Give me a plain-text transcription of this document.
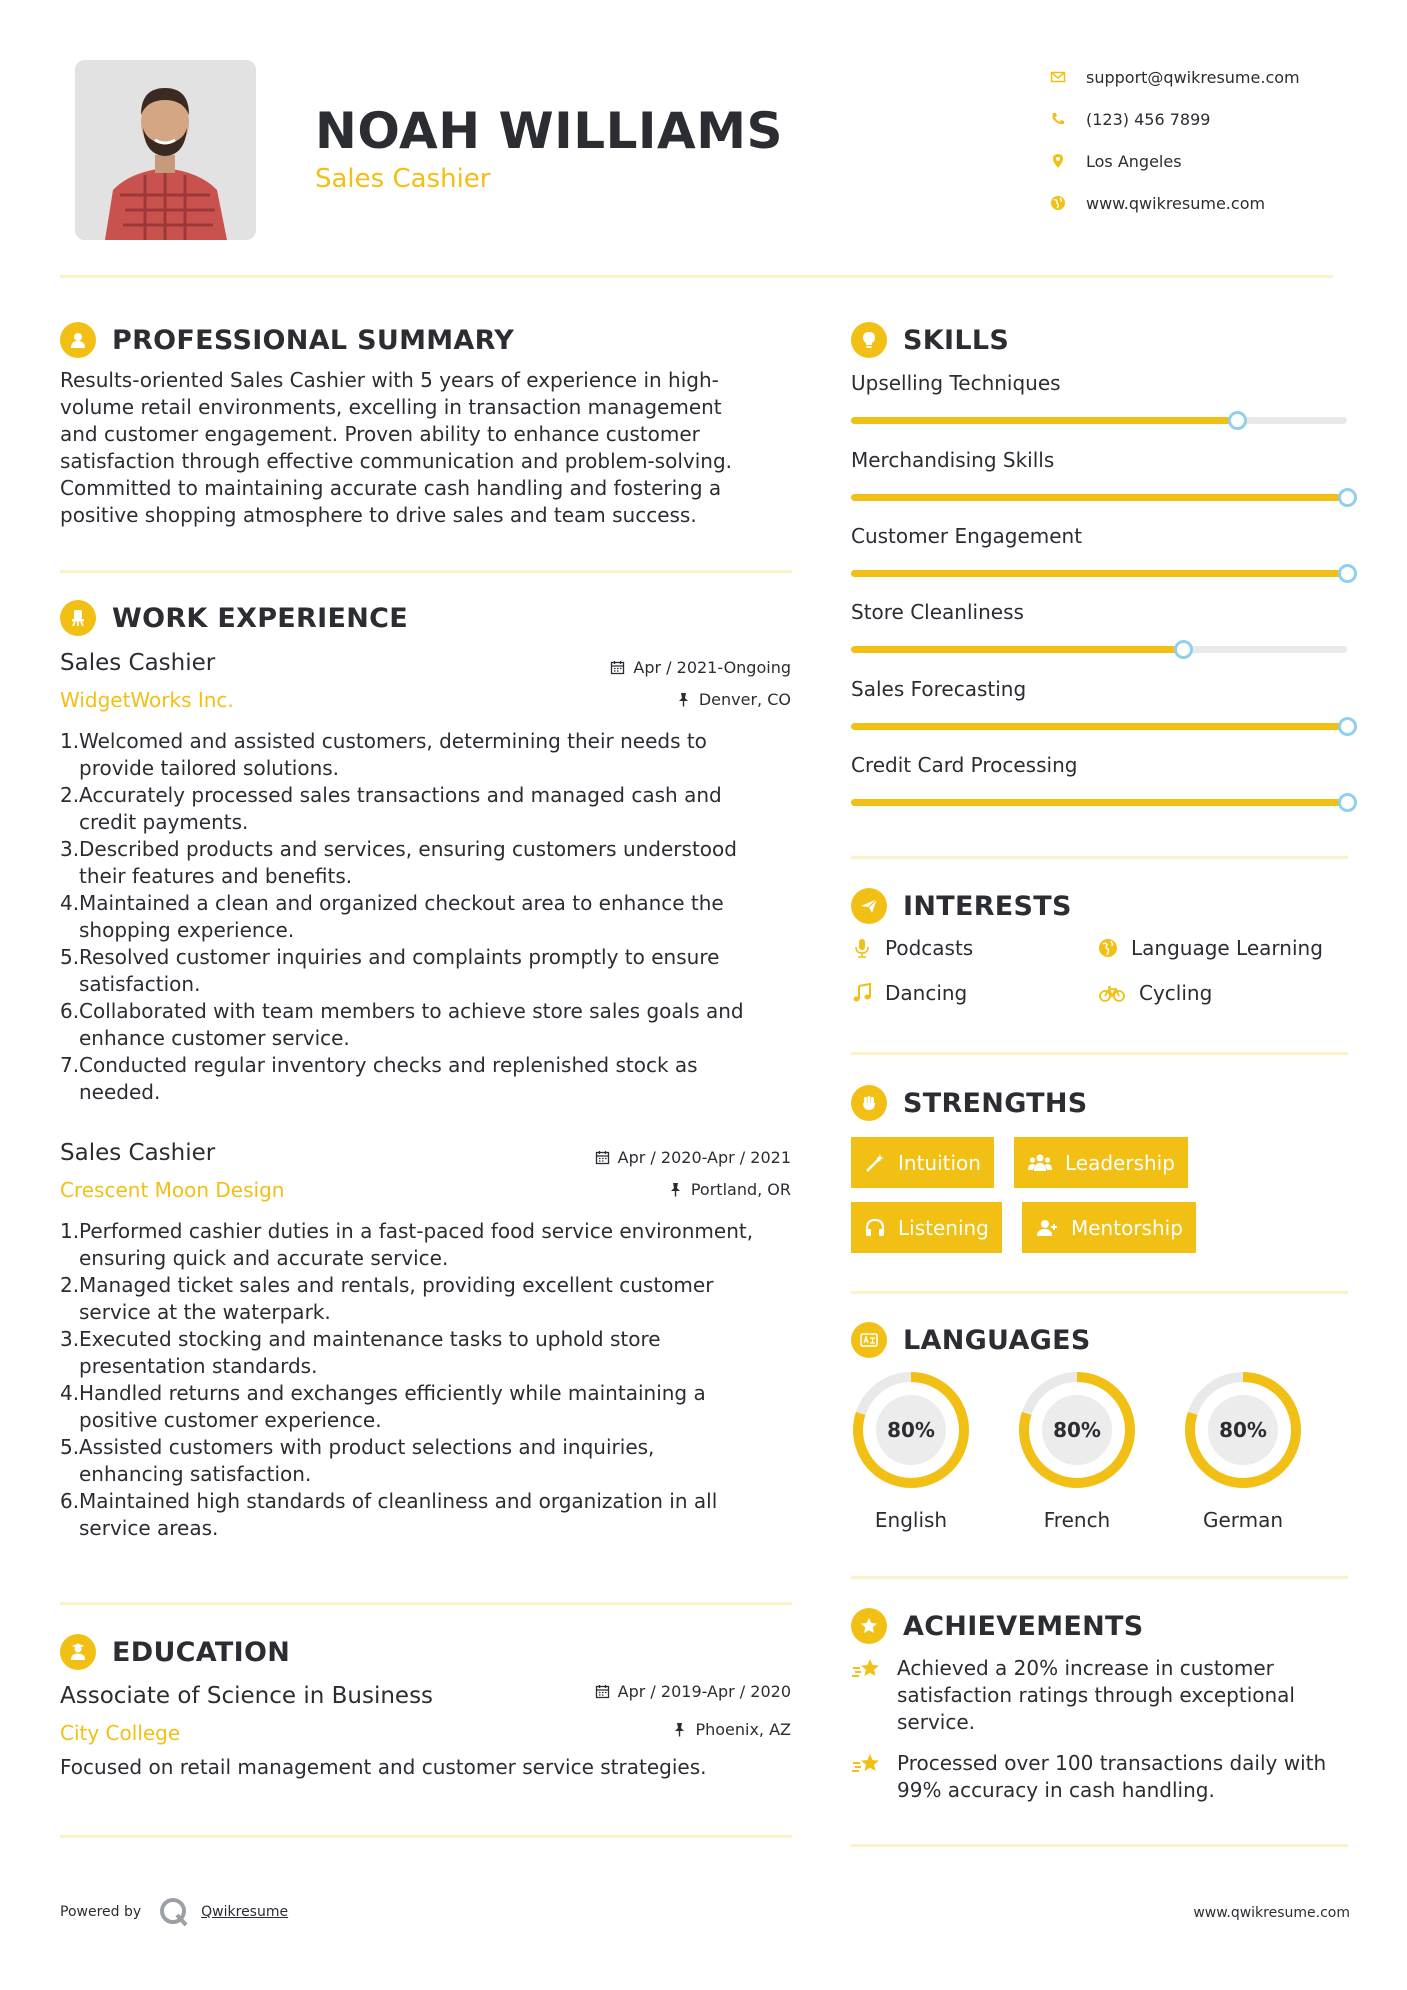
NOAH WILLIAMS
Sales Cashier
support@qwikresume.com
(123) 456 7899
Los Angeles
www.qwikresume.com
PROFESSIONAL SUMMARY
Results-oriented Sales Cashier with 5 years of experience in high-
volume retail environments, excelling in transaction management
and customer engagement. Proven ability to enhance customer
satisfaction through effective communication and problem-solving.
Committed to maintaining accurate cash handling and fostering a
positive shopping atmosphere to drive sales and team success.
WORK EXPERIENCE
Sales Cashier
WidgetWorks Inc.
Apr / 2021-Ongoing
Denver, CO
1. Welcomed and assisted customers, determining their needs to
provide tailored solutions.
2. Accurately processed sales transactions and managed cash and
credit payments.
3. Described products and services, ensuring customers understood
their features and benefits.
4. Maintained a clean and organized checkout area to enhance the
shopping experience.
5. Resolved customer inquiries and complaints promptly to ensure
satisfaction.
6. Collaborated with team members to achieve store sales goals and
enhance customer service.
7. Conducted regular inventory checks and replenished stock as
needed.
Sales Cashier
Crescent Moon Design
Apr / 2020-Apr / 2021
Portland, OR
1. Performed cashier duties in a fast-paced food service environment,
ensuring quick and accurate service.
2. Managed ticket sales and rentals, providing excellent customer
service at the waterpark.
3. Executed stocking and maintenance tasks to uphold store
presentation standards.
4. Handled returns and exchanges efficiently while maintaining a
positive customer experience.
5. Assisted customers with product selections and inquiries,
enhancing satisfaction.
6. Maintained high standards of cleanliness and organization in all
service areas.
EDUCATION
Associate of Science in Business
City College
Apr / 2019-Apr / 2020
Phoenix, AZ
Focused on retail management and customer service strategies.
SKILLS
Upselling Techniques
Merchandising Skills
Customer Engagement
Store Cleanliness
Sales Forecasting
Credit Card Processing
INTERESTS
Podcasts	Language Learning
Dancing	Cycling
STRENGTHS
Intuition	Leadership
Listening	Mentorship
LANGUAGES
80%
English
80%
French
80%
German
ACHIEVEMENTS
Achieved a 20% increase in customer
satisfaction ratings through exceptional
service.
Processed over 100 transactions daily with
99% accuracy in cash handling.
Powered by	Qwikresume	www.qwikresume.com
